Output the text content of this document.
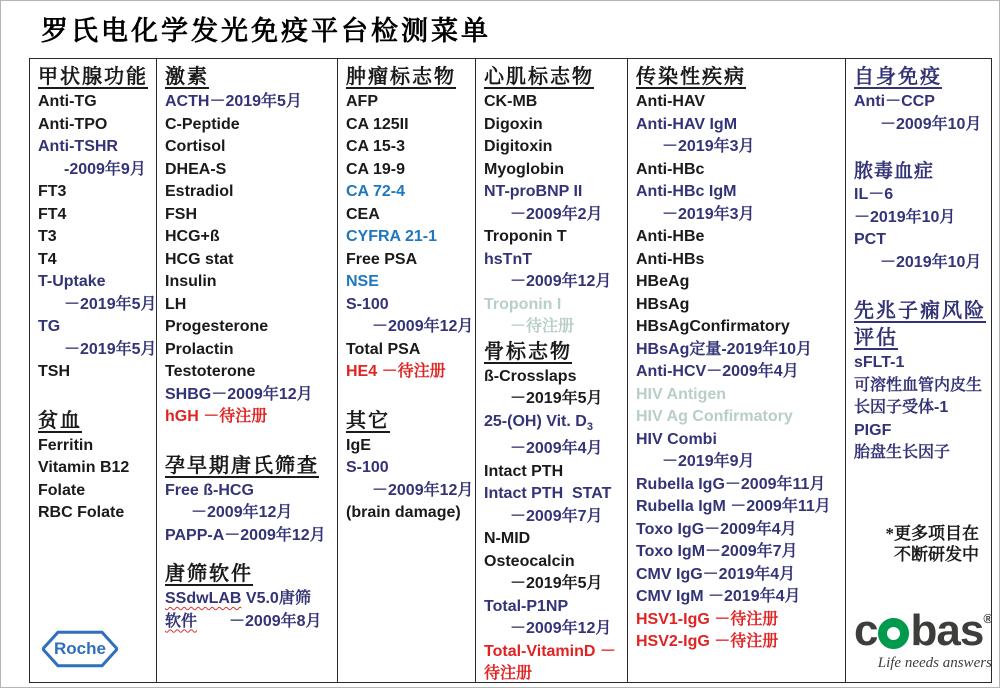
罗氏电化学发光免疫平台检测菜单
甲状腺功能
Anti-TG
Anti-TPO
Anti-TSHR
-2009年9月
FT3
FT4
T3
T4
T-Uptake
－2019年5月
TG
－2019年5月
TSH
贫血
Ferritin
Vitamin B12
Folate
RBC Folate
Roche
激素
ACTH－2019年5月
C-Peptide
Cortisol
DHEA-S
Estradiol
FSH
HCG+ß
HCG stat
Insulin
LH
Progesterone
Prolactin
Testoterone
SHBG－2009年12月
hGH －待注册
孕早期唐氏筛查
Free ß-HCG
－2009年12月
PAPP-A－2009年12月
唐筛软件
SSdwLAB V5.0唐筛
软件　　－2009年8月
肿瘤标志物
AFP
CA 125II
CA 15-3
CA 19-9
CA 72-4
CEA
CYFRA 21-1
Free PSA
NSE
S-100
－2009年12月
Total PSA
HE4 －待注册
其它
IgE
S-100
－2009年12月
(brain damage)
心肌标志物
CK-MB
Digoxin
Digitoxin
Myoglobin
NT-proBNP II
－2009年2月
Troponin T
hsTnT
－2009年12月
Troponin I
－待注册
骨标志物
ß-Crosslaps
－2019年5月
25-(OH) Vit. $D_3$
－2009年4月
Intact PTH
Intact PTH  STAT
－2009年7月
N-MID
Osteocalcin
－2019年5月
Total-P1NP
－2009年12月
Total-VitaminD －
待注册
传染性疾病
Anti-HAV
Anti-HAV IgM
－2019年3月
Anti-HBc
Anti-HBc IgM
－2019年3月
Anti-HBe
Anti-HBs
HBeAg
HBsAg
HBsAgConfirmatory
HBsAg定量-2019年10月
Anti-HCV－2009年4月
HIV Antigen
HIV Ag Confirmatory
HIV Combi
－2019年9月
Rubella IgG－2009年11月
Rubella IgM －2009年11月
Toxo IgG－2009年4月
Toxo IgM－2009年7月
CMV IgG－2019年4月
CMV IgM －2019年4月
HSV1-IgG －待注册
HSV2-IgG －待注册
自身免疫
Anti－CCP
－2009年10月
脓毒血症
IL－6
－2019年10月
PCT
－2019年10月
先兆子痫风险
评估
sFLT-1
可溶性血管内皮生
长因子受体-1
PIGF
胎盘生长因子
*更多项目在
不断研发中
c bas ®
Life needs answers
